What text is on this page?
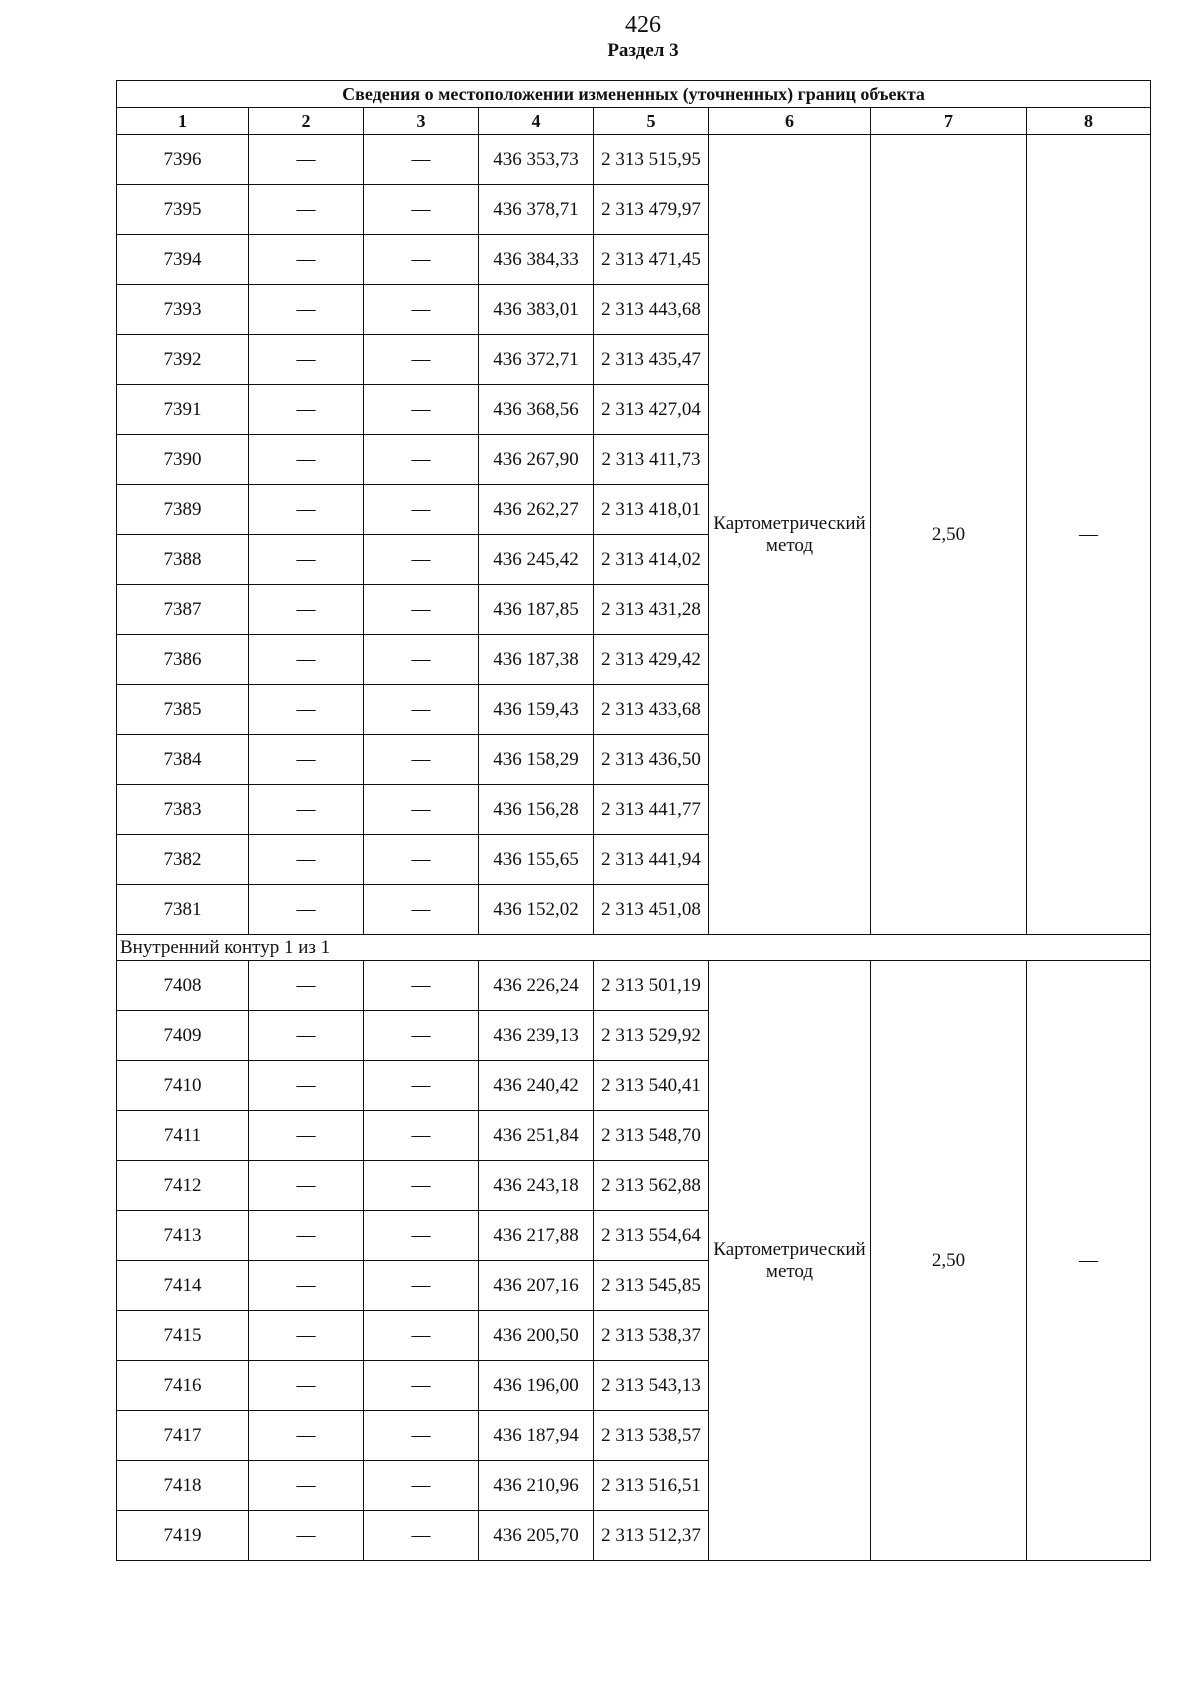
426
Раздел 3
Сведения о местоположении измененных (уточненных) границ объекта							
1	2	3	4	5	6	7	8
7396	—	—	436 353,73	2 313 515,95	Картометрический метод	2,50	—
7395	—	—	436 378,71	2 313 479,97			
7394	—	—	436 384,33	2 313 471,45			
7393	—	—	436 383,01	2 313 443,68			
7392	—	—	436 372,71	2 313 435,47			
7391	—	—	436 368,56	2 313 427,04			
7390	—	—	436 267,90	2 313 411,73			
7389	—	—	436 262,27	2 313 418,01			
7388	—	—	436 245,42	2 313 414,02			
7387	—	—	436 187,85	2 313 431,28			
7386	—	—	436 187,38	2 313 429,42			
7385	—	—	436 159,43	2 313 433,68			
7384	—	—	436 158,29	2 313 436,50			
7383	—	—	436 156,28	2 313 441,77			
7382	—	—	436 155,65	2 313 441,94			
7381	—	—	436 152,02	2 313 451,08			
Внутренний контур 1 из 1							
7408	—	—	436 226,24	2 313 501,19	Картометрический метод	2,50	—
7409	—	—	436 239,13	2 313 529,92			
7410	—	—	436 240,42	2 313 540,41			
7411	—	—	436 251,84	2 313 548,70			
7412	—	—	436 243,18	2 313 562,88			
7413	—	—	436 217,88	2 313 554,64			
7414	—	—	436 207,16	2 313 545,85			
7415	—	—	436 200,50	2 313 538,37			
7416	—	—	436 196,00	2 313 543,13			
7417	—	—	436 187,94	2 313 538,57			
7418	—	—	436 210,96	2 313 516,51			
7419	—	—	436 205,70	2 313 512,37			
